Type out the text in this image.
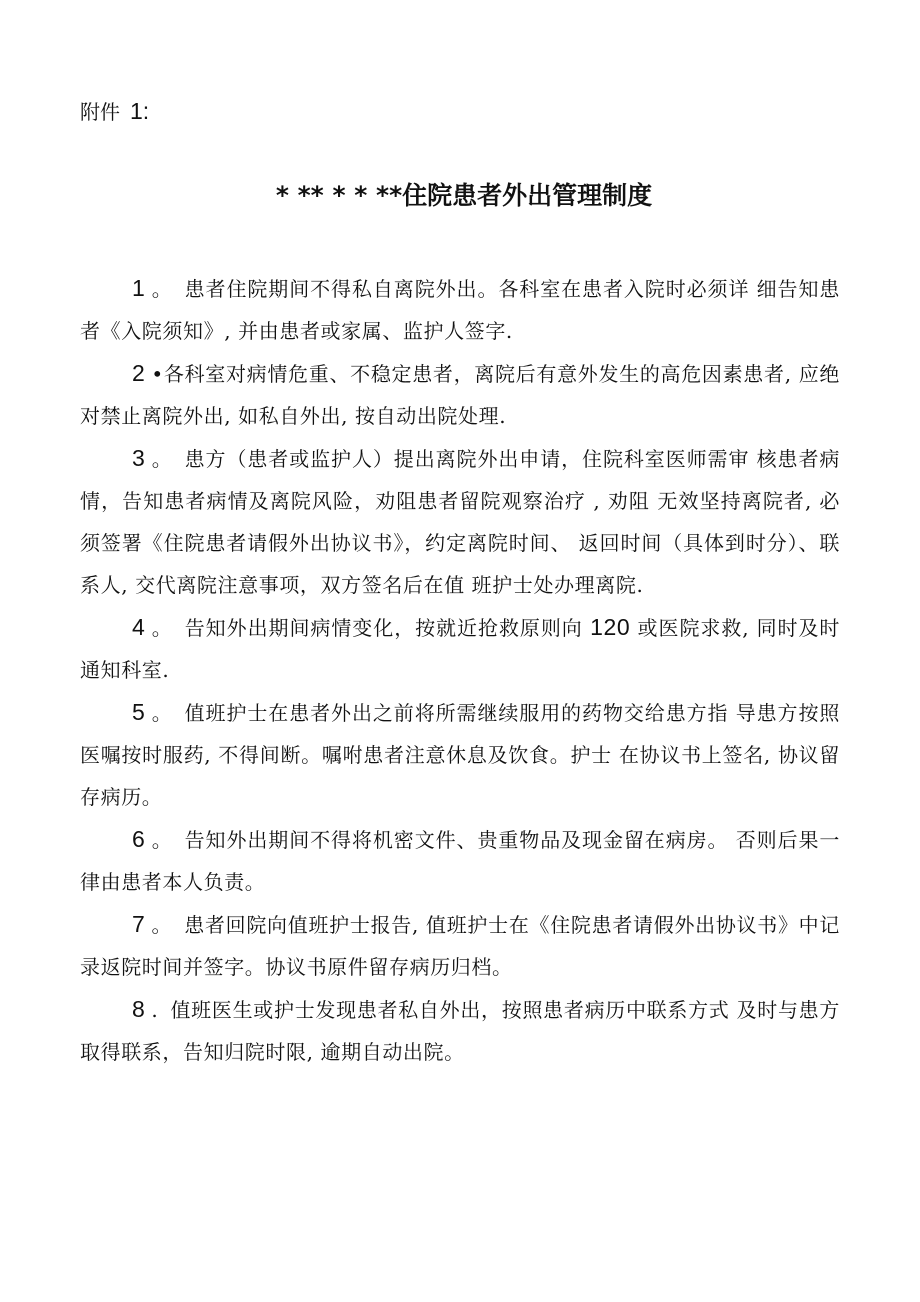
附件 1:
* ** * * **住院患者外出管理制度

1 。 患者住院期间不得私自离院外出。各科室在患者入院时必须详 细告知患者《入院须知》, 并由患者或家属、监护人签字.

2 •各科室对病情危重、不稳定患者，离院后有意外发生的高危因素患者, 应绝对禁止离院外出, 如私自外出, 按自动出院处理.

3 。 患方（患者或监护人）提出离院外出申请，住院科室医师需审 核患者病情，告知患者病情及离院风险，劝阻患者留院观察治疗 , 劝阻 无效坚持离院者, 必须签署《住院患者请假外出协议书》，约定离院时间、 返回时间（具体到时分）、联系人, 交代离院注意事项，双方签名后在值 班护士处办理离院.

4 。 告知外出期间病情变化，按就近抢救原则向 120 或医院求救, 同时及时通知科室.

5 。 值班护士在患者外出之前将所需继续服用的药物交给患方指 导患方按照医嘱按时服药, 不得间断。嘱咐患者注意休息及饮食。护士 在协议书上签名, 协议留存病历。

6 。 告知外出期间不得将机密文件、贵重物品及现金留在病房。 否则后果一律由患者本人负责。

7 。 患者回院向值班护士报告, 值班护士在《住院患者请假外出协议书》中记录返院时间并签字。协议书原件留存病历归档。

8 . 值班医生或护士发现患者私自外出，按照患者病历中联系方式 及时与患方取得联系，告知归院时限, 逾期自动出院。
